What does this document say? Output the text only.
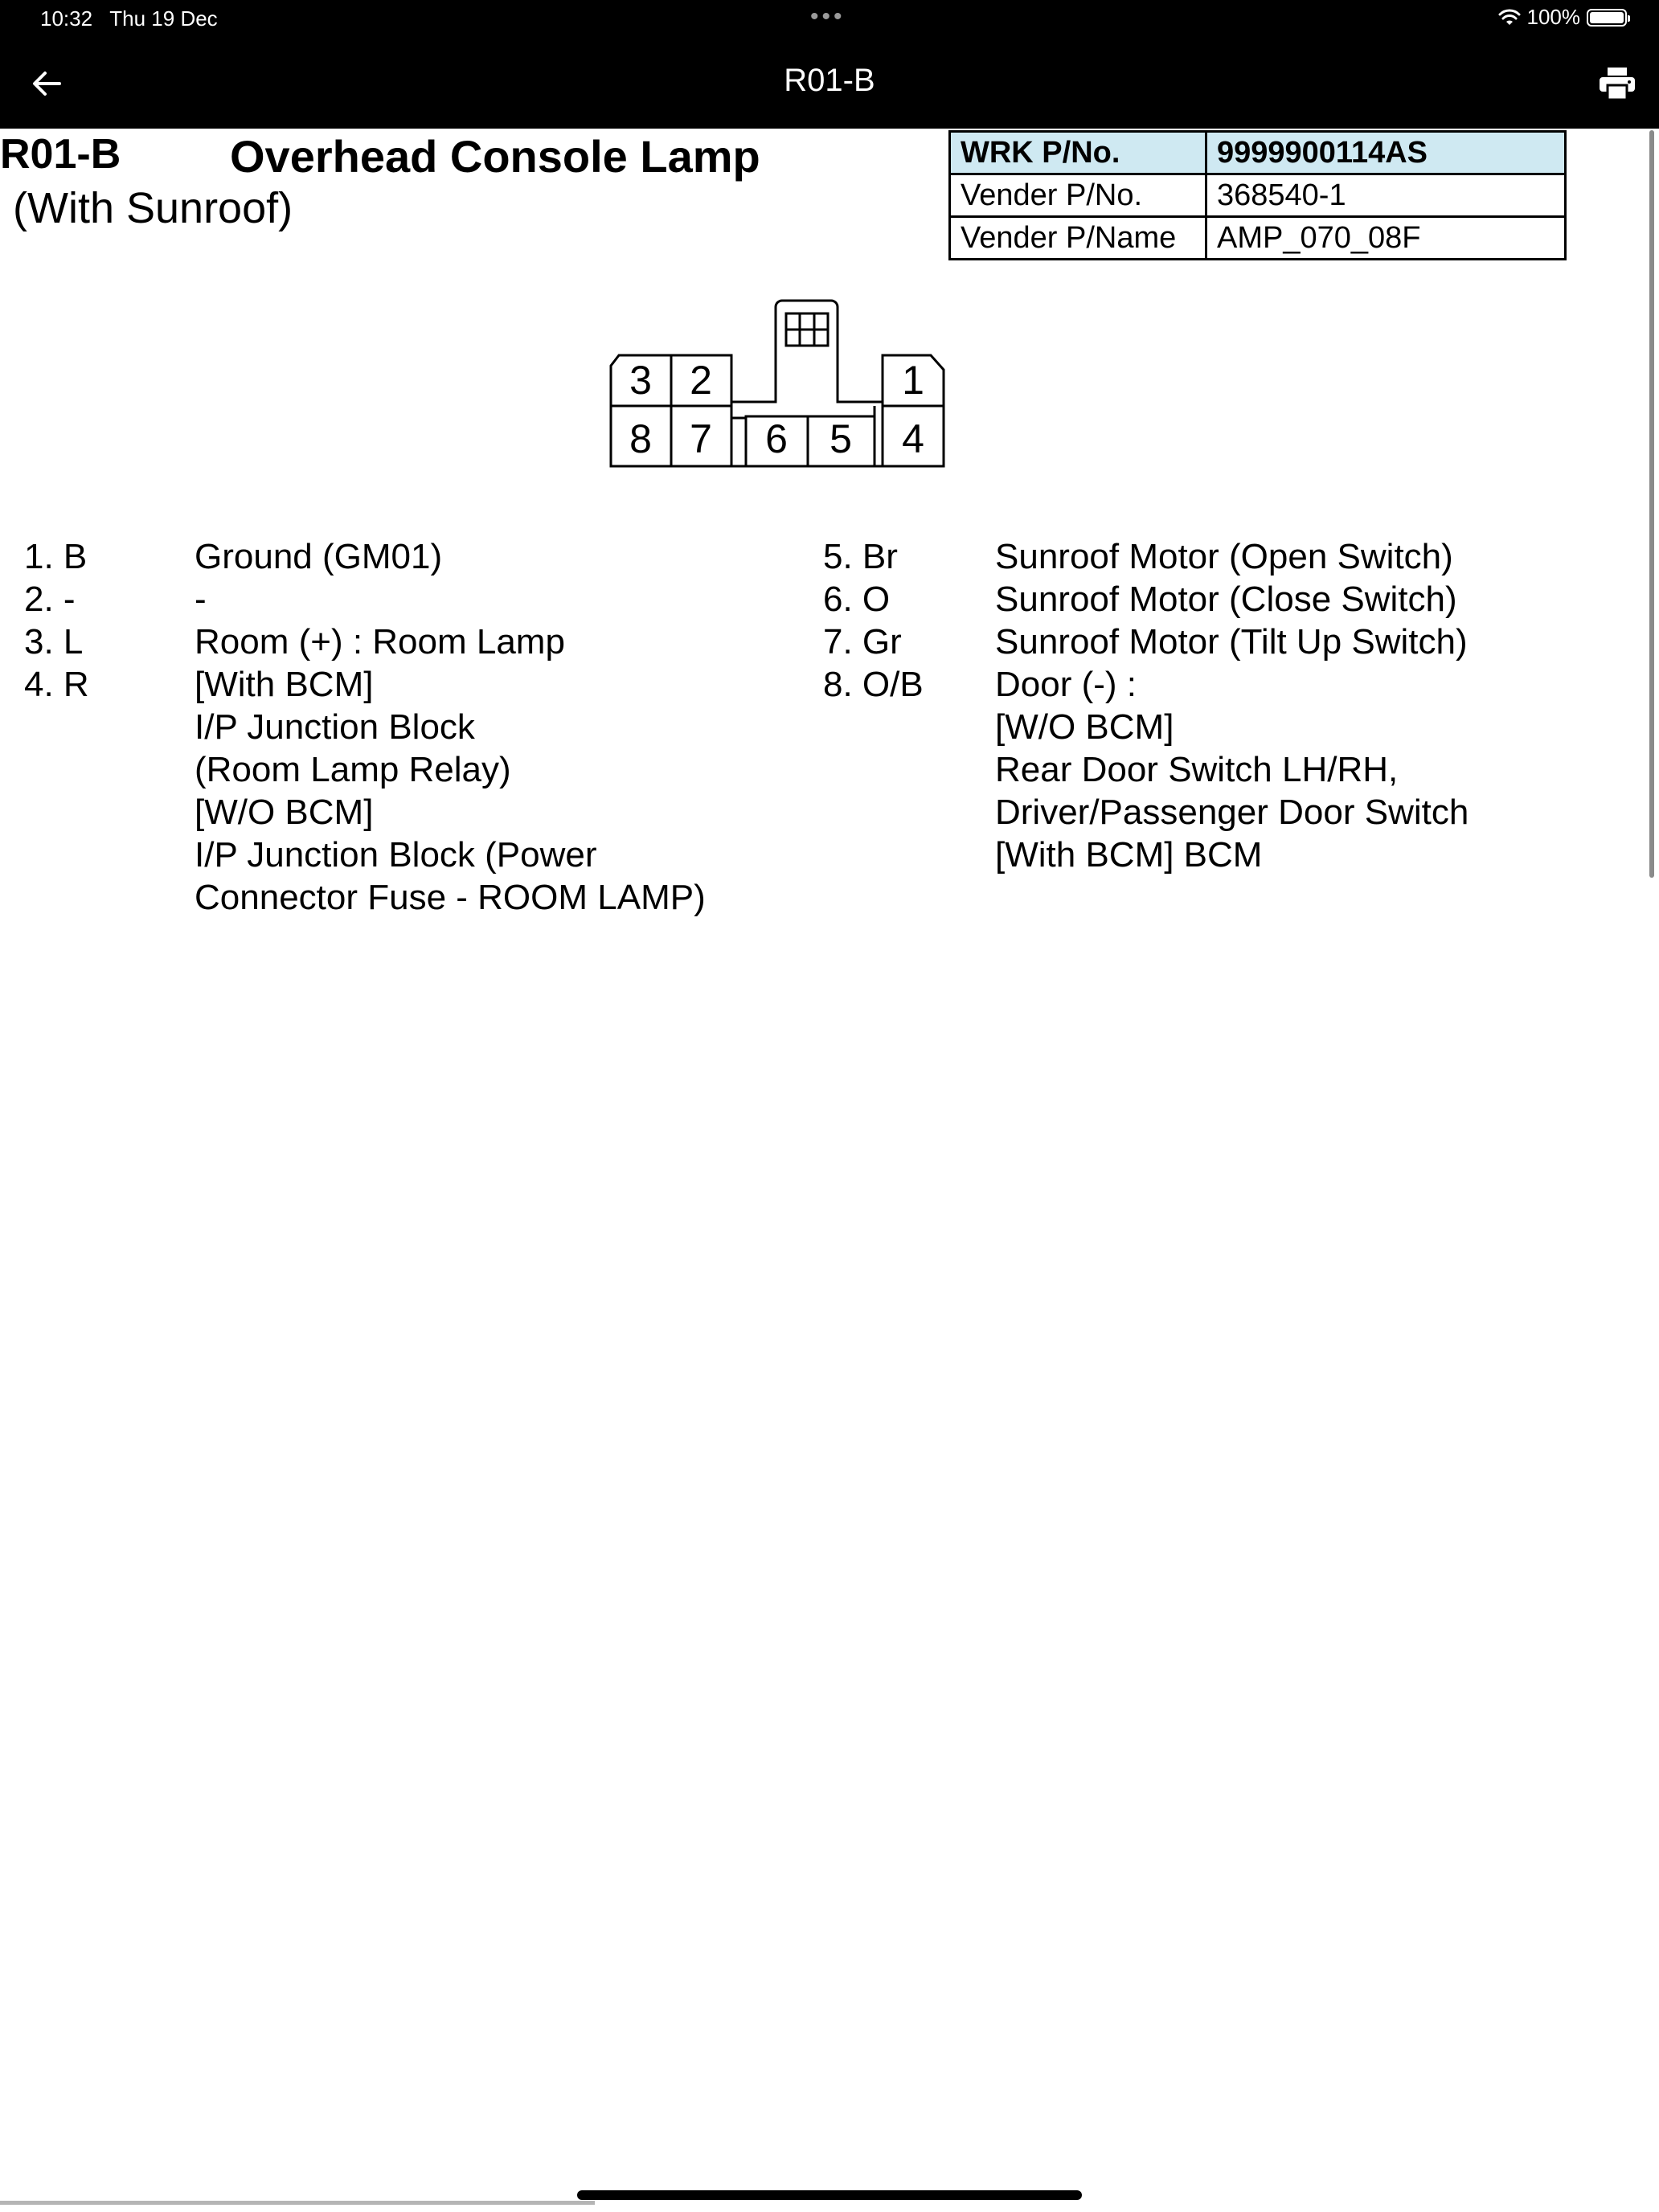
10:32 Thu 19 Dec	•••	100%
R01-B
R01-B Overhead Console Lamp
(With Sunroof)
WRK P/No.	9999900114AS
Vender P/No.	368540-1
Vender P/Name	AMP_070_08F
3 2	1
8 7 6 5 4
1. B	Ground (GM01)
2. -	-
3. L	Room (+) : Room Lamp
4. R	[With BCM]
I/P Junction Block
(Room Lamp Relay)
[W/O BCM]
I/P Junction Block (Power
Connector Fuse - ROOM LAMP)
5. Br	Sunroof Motor (Open Switch)
6. O	Sunroof Motor (Close Switch)
7. Gr	Sunroof Motor (Tilt Up Switch)
8. O/B	Door (-) :
[W/O BCM]
Rear Door Switch LH/RH,
Driver/Passenger Door Switch
[With BCM] BCM
